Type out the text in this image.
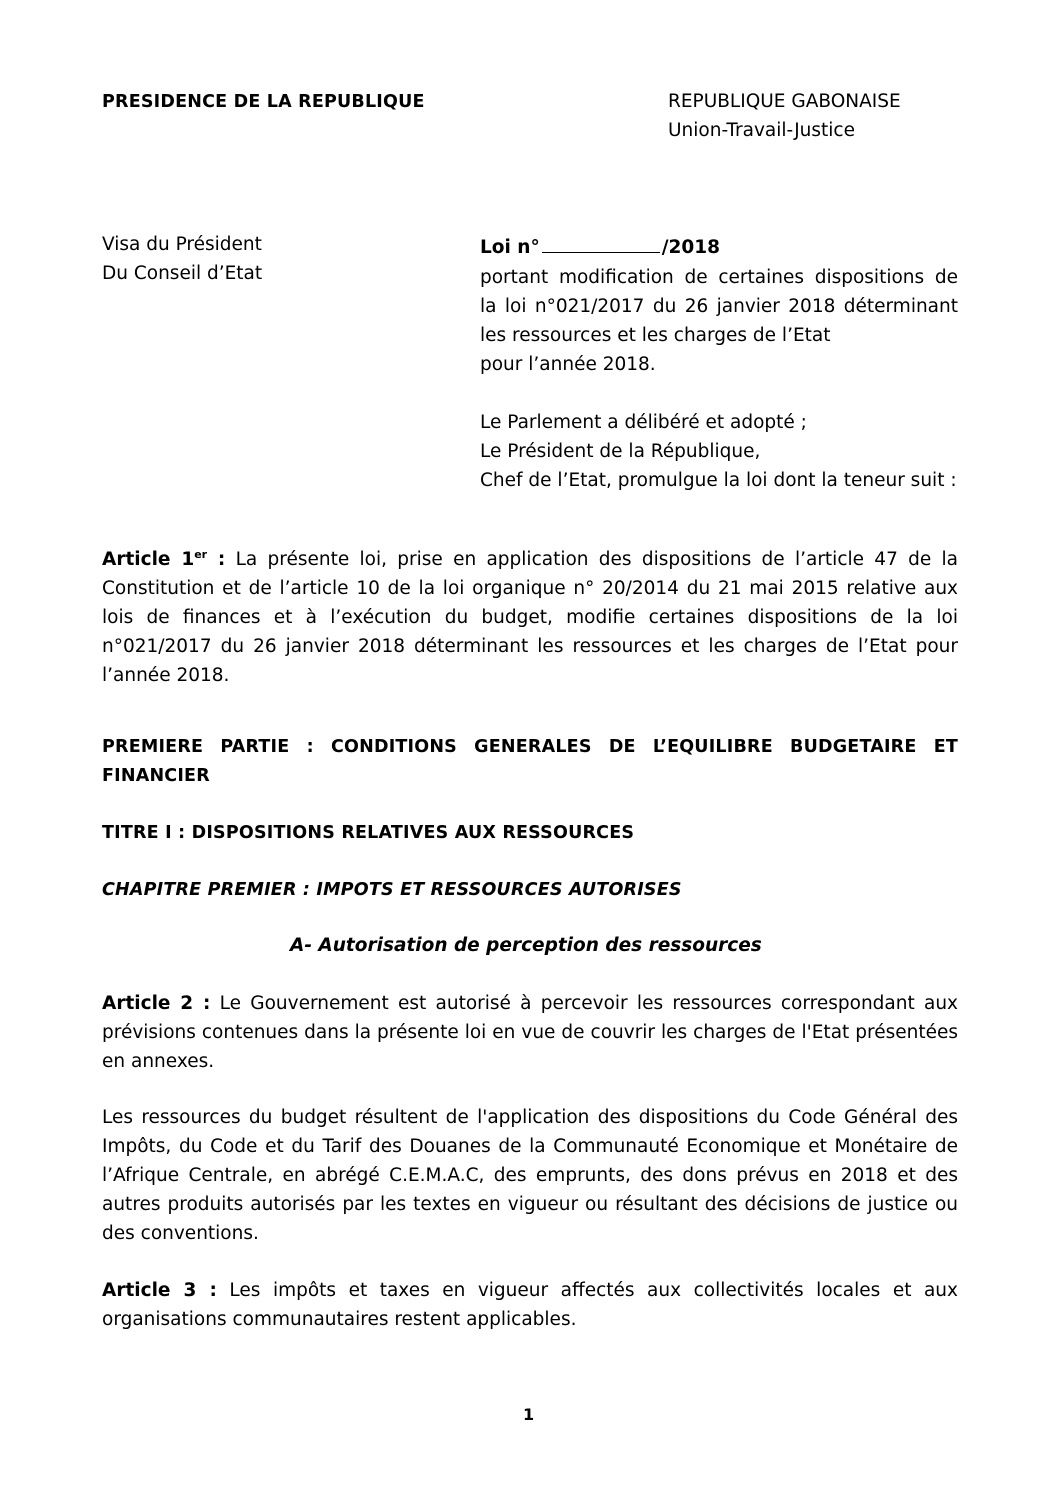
PRESIDENCE DE LA REPUBLIQUE	REPUBLIQUE GABONAISE
Union-Travail-Justice
Visa du Président
Du Conseil d’Etat
Loi n°	/2018
portant modification de certaines dispositions de
la loi n°021/2017 du 26 janvier 2018 déterminant
les ressources et les charges de l’Etat
pour l’année 2018.
Le Parlement a délibéré et adopté ;
Le Président de la République,
Chef de l’Etat, promulgue la loi dont la teneur suit :
Article 1er : La présente loi, prise en application des dispositions de l’article 47 de la
Constitution et de l’article 10 de la loi organique n° 20/2014 du 21 mai 2015 relative aux
lois de finances et à l’exécution du budget, modifie certaines dispositions de la loi
n°021/2017 du 26 janvier 2018 déterminant les ressources et les charges de l’Etat pour
l’année 2018.
PREMIERE PARTIE : CONDITIONS GENERALES DE L’EQUILIBRE BUDGETAIRE ET
FINANCIER
TITRE I : DISPOSITIONS RELATIVES AUX RESSOURCES
CHAPITRE PREMIER : IMPOTS ET RESSOURCES AUTORISES
A- Autorisation de perception des ressources
Article 2 : Le Gouvernement est autorisé à percevoir les ressources correspondant aux
prévisions contenues dans la présente loi en vue de couvrir les charges de l'Etat présentées
en annexes.
Les ressources du budget résultent de l'application des dispositions du Code Général des
Impôts, du Code et du Tarif des Douanes de la Communauté Economique et Monétaire de
l’Afrique Centrale, en abrégé C.E.M.A.C, des emprunts, des dons prévus en 2018 et des
autres produits autorisés par les textes en vigueur ou résultant des décisions de justice ou
des conventions.
Article 3 : Les impôts et taxes en vigueur affectés aux collectivités locales et aux
organisations communautaires restent applicables.
1
